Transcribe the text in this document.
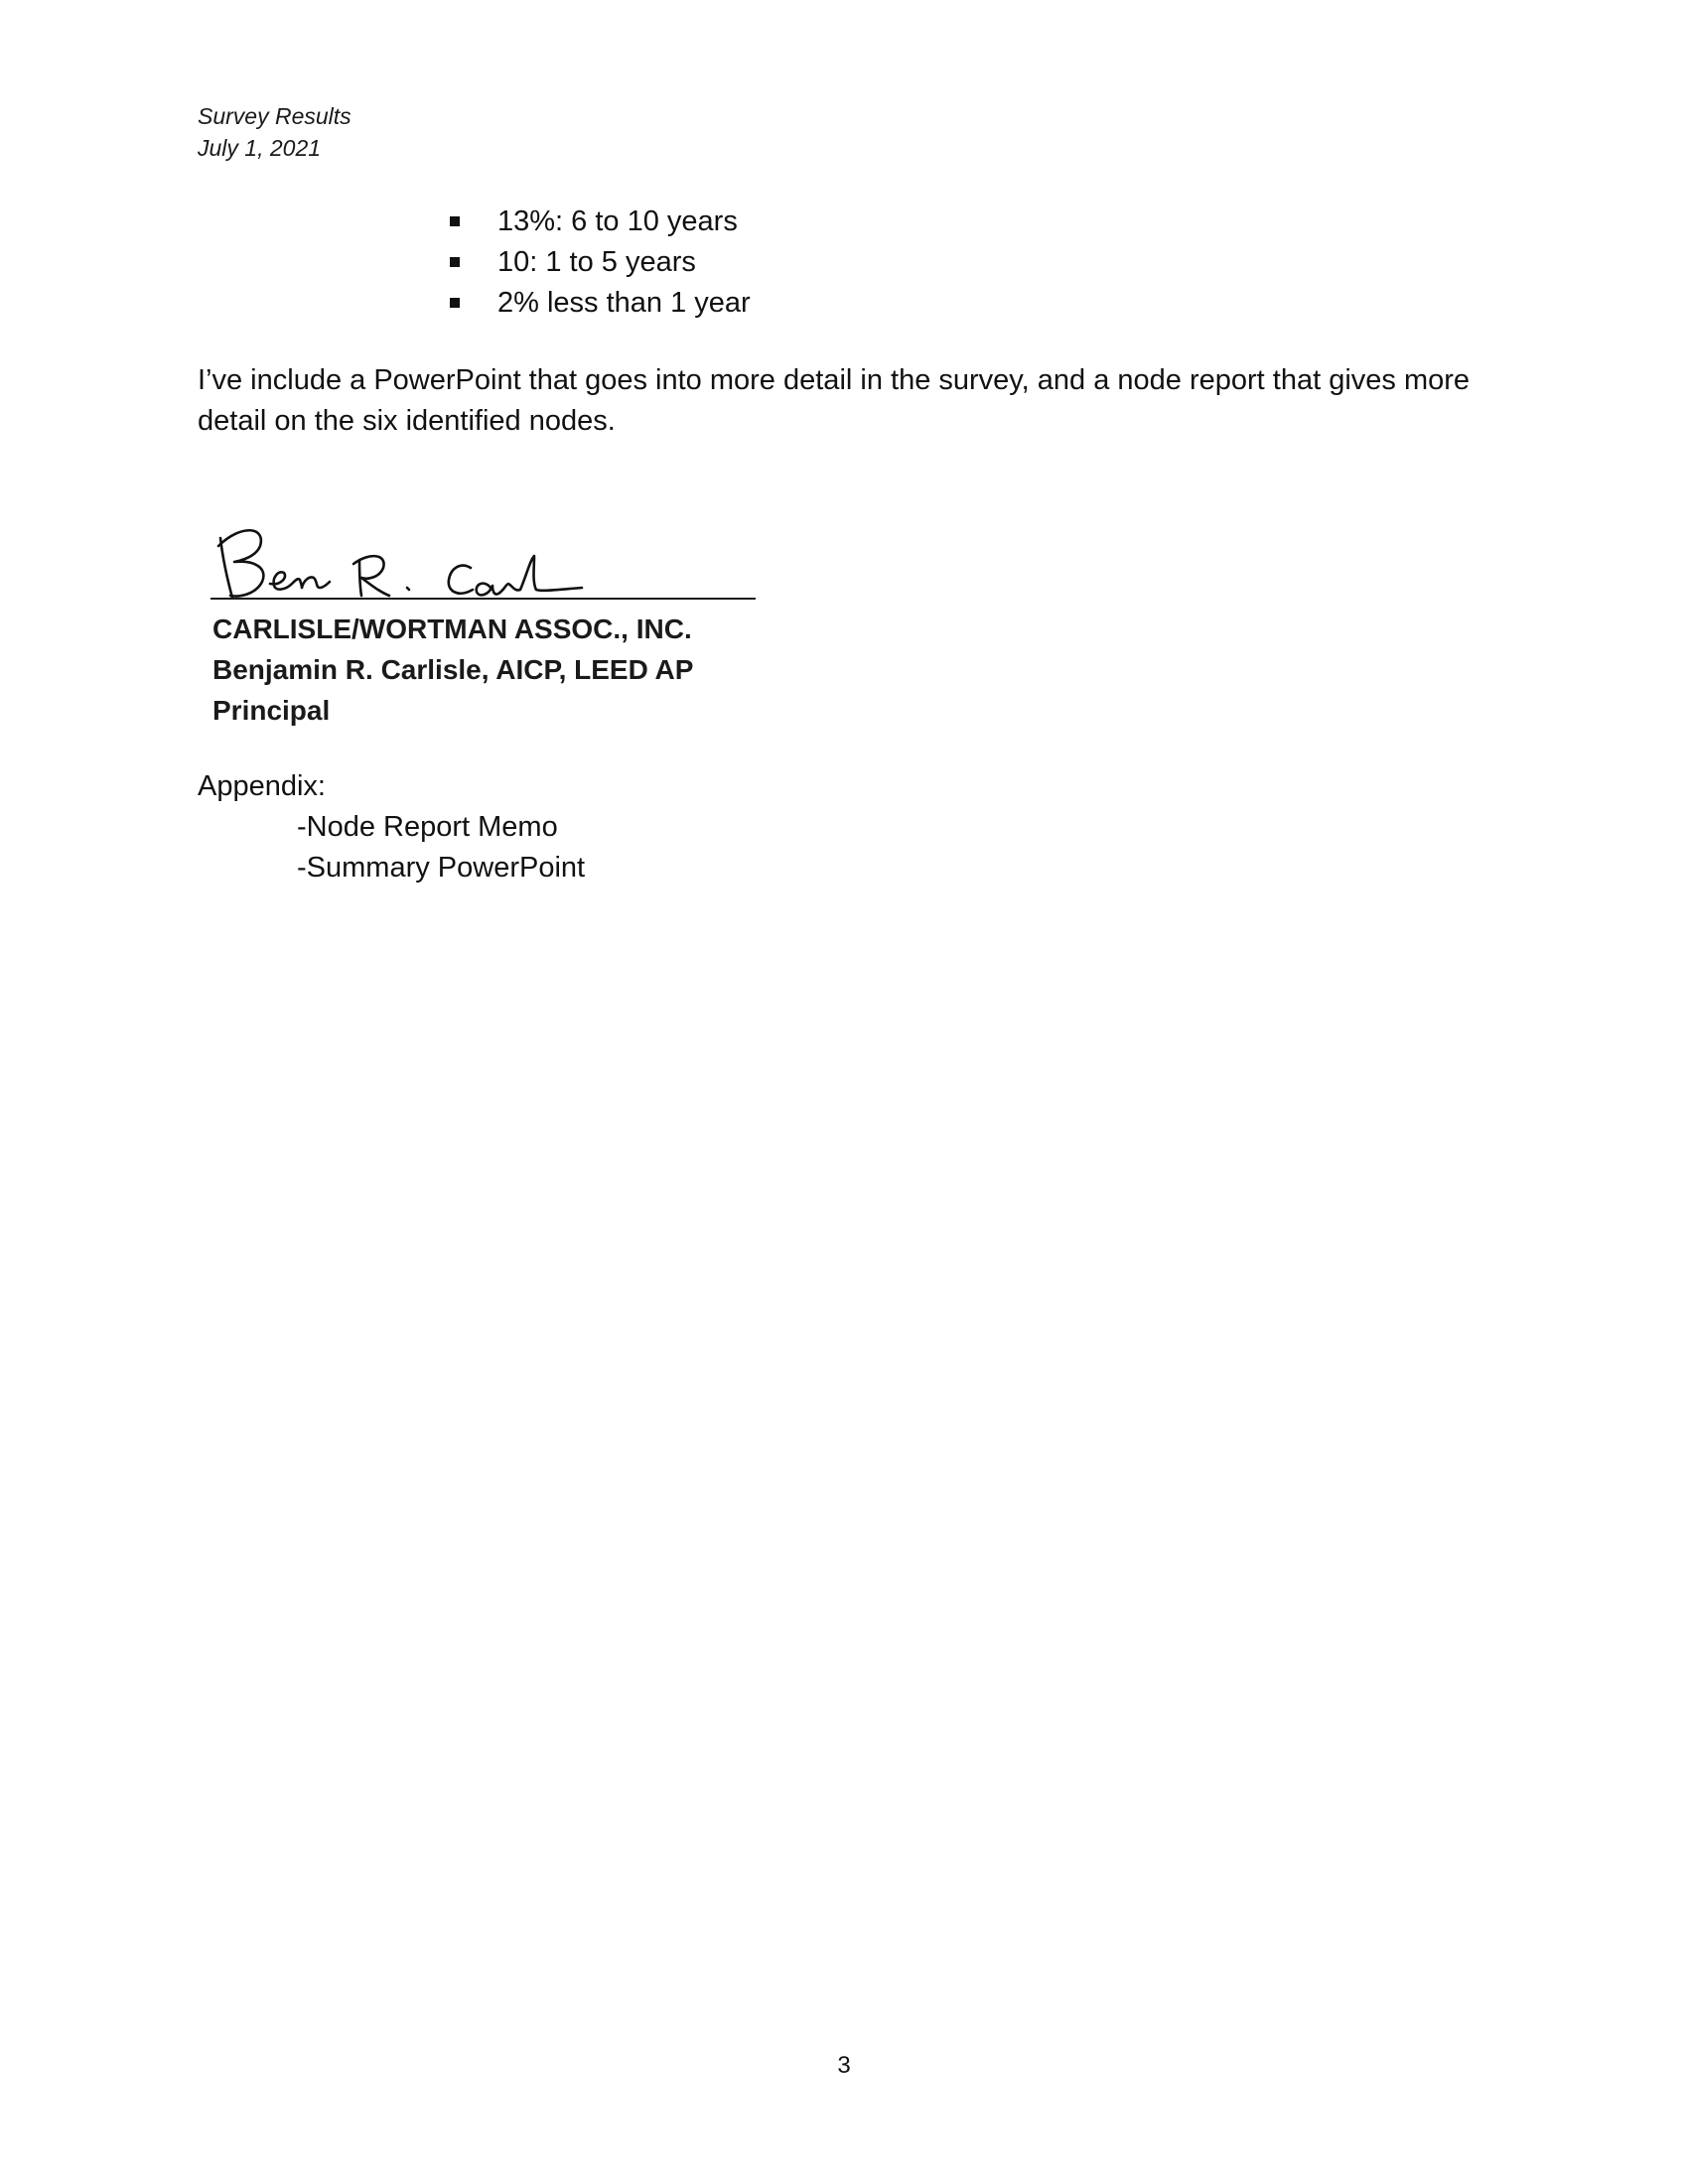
Survey Results
July 1, 2021
13%: 6 to 10 years
10: 1 to 5 years
2% less than 1 year

I’ve include a PowerPoint that goes into more detail in the survey, and a node report that gives more detail on the six identified nodes.

CARLISLE/WORTMAN ASSOC., INC.
Benjamin R. Carlisle, AICP, LEED AP
Principal
Appendix:
-Node Report Memo
-Summary PowerPoint
3
